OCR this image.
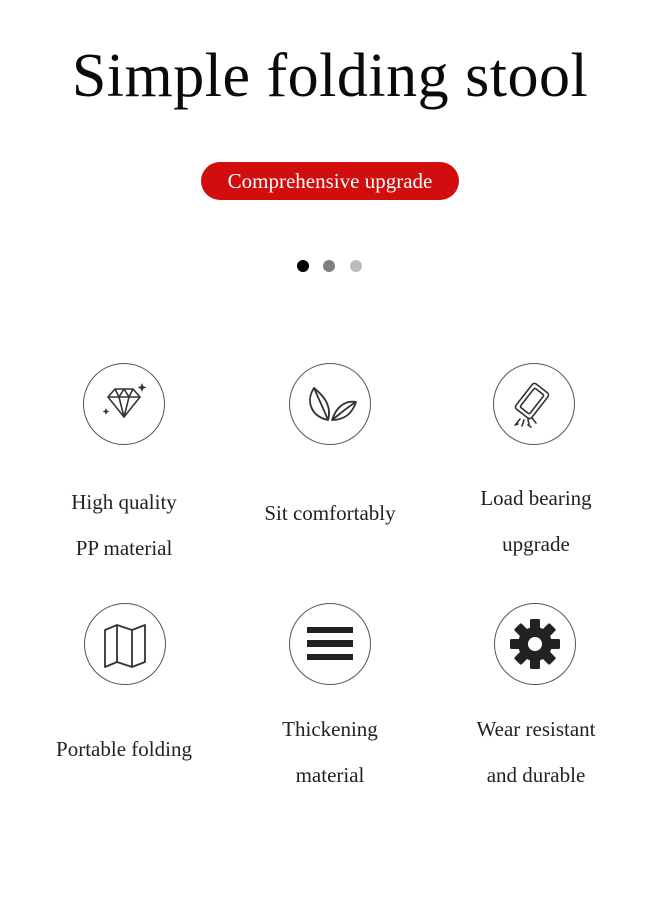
Simple folding stool
Comprehensive upgrade
High quality
PP material
Sit comfortably
Load bearing
upgrade
Portable folding
Thickening
material
Wear resistant
and durable
